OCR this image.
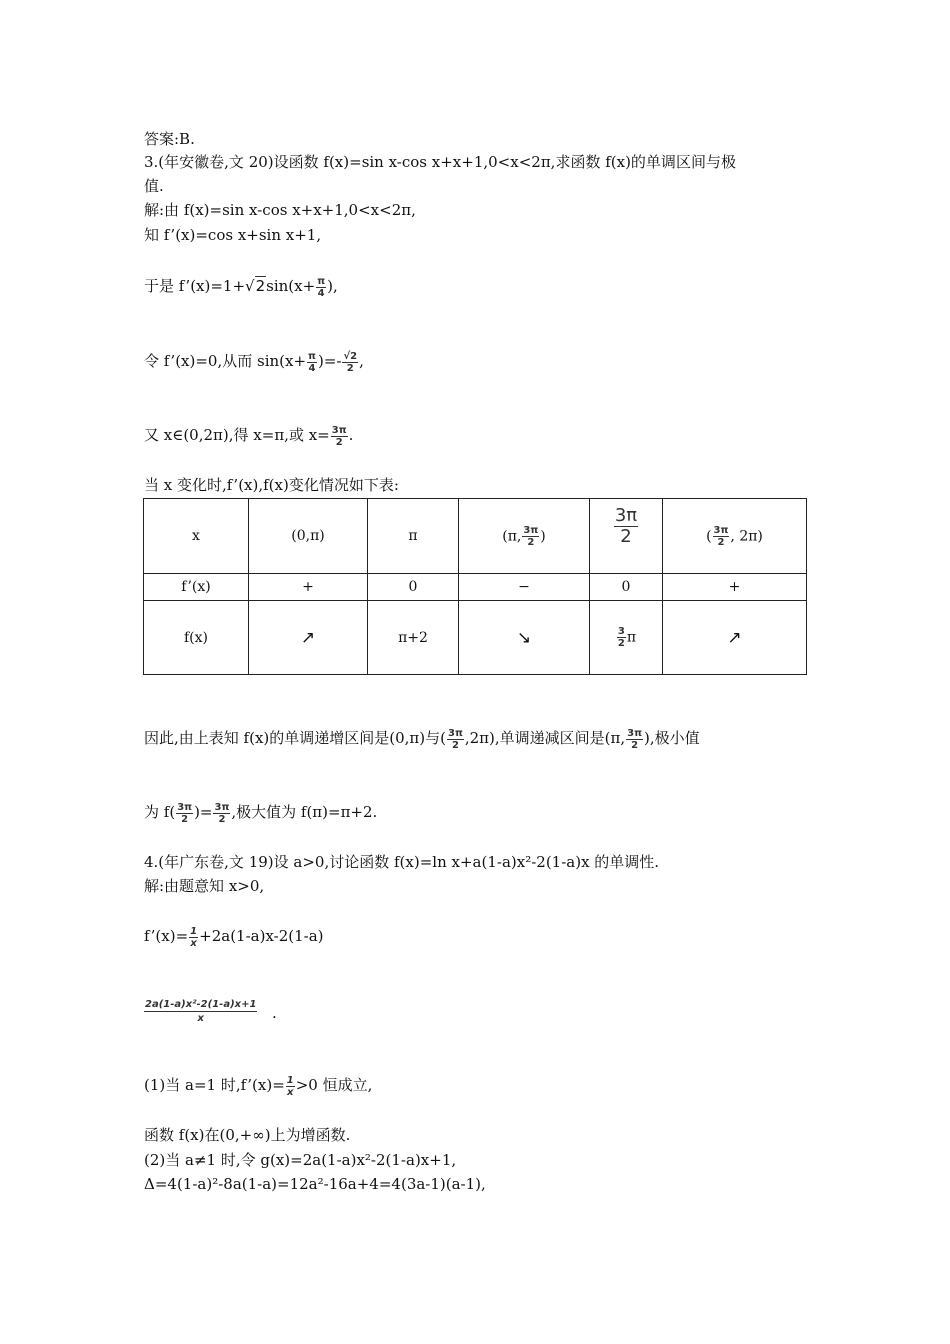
答案:B.
3.(年安徽卷,文 20)设函数 f(x)=sin x-cos x+x+1,0<x<2π,求函数 f(x)的单调区间与极
值.
解:由 f(x)=sin x-cos x+x+1,0<x<2π,
知 f’(x)=cos x+sin x+1,
于是 f’(x)=1+√2sin(x+ $\frac{\pi}{4}$ ),
令 f’(x)=0,从而 $\sin(x+ \frac{\pi}{4}$ )=- $\frac{√2}{2}$ ,
又 x∈(0,2π),得 x=π,或 $x= \frac{3\pi}{2}$ .
当 x 变化时,f’(x),f(x)变化情况如下表:
x	(0,π)	π	(π, $\frac{3\pi}{2}$ )	$\frac{3\pi}{2}$	( $\frac{3\pi}{2}$ , 2π)
f’(x)	+	0	−	0	+
f(x)	↗	π+2	↘	$\frac{3}{2}$ π	↗
因此,由上表知 f(x)的单调递增区间是(0,π)与( $\frac{3\pi}{2} ,2\pi$),单调递减区间是(π, $\frac{3\pi}{2}$ ),极小值
为 $f( \frac{3\pi}{2}$ )= $\frac{3\pi}{2}$ ,极大值为 f(π)=π+2.
4.(年广东卷,文 19)设 a>0,讨论函数 f(x)=ln x+a(1-a)x²-2(1-a)x 的单调性.
解:由题意知 x>0,
f’(x)= $\frac{1}{x} +2a(1-a)x-2(1-a)$
2a(1-a)x²-2(1-a)x+1
x	.
(1)当 a=1 时,f’(x)= $\frac{1}{x} >0$ 恒成立,
函数 f(x)在(0,+∞)上为增函数.
(2)当 a≠1 时,令 g(x)=2a(1-a)x²-2(1-a)x+1,
Δ=4(1-a)²-8a(1-a)=12a²-16a+4=4(3a-1)(a-1),
